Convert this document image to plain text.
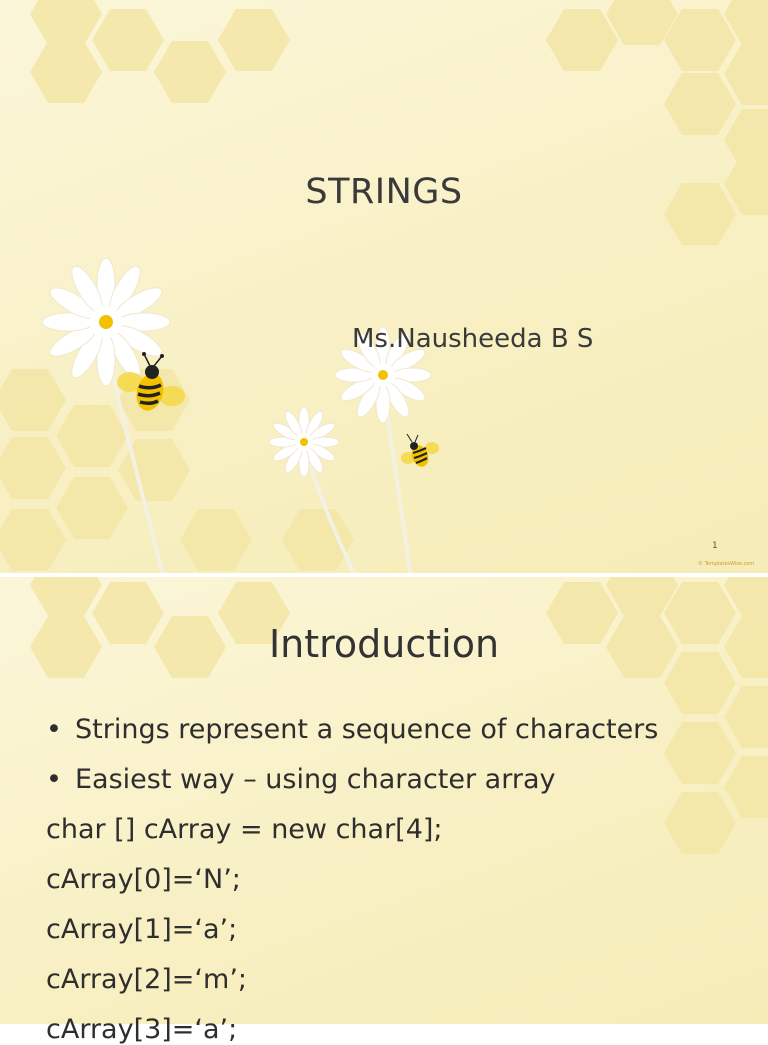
STRINGS
Ms.Nausheeda B S
1
© TemplatesWise.com
Introduction
• Strings represent a sequence of characters
• Easiest way – using character array
char [] cArray = new char[4];
cArray[0]=‘N’;
cArray[1]=‘a’;
cArray[2]=‘m’;
cArray[3]=‘a’;
